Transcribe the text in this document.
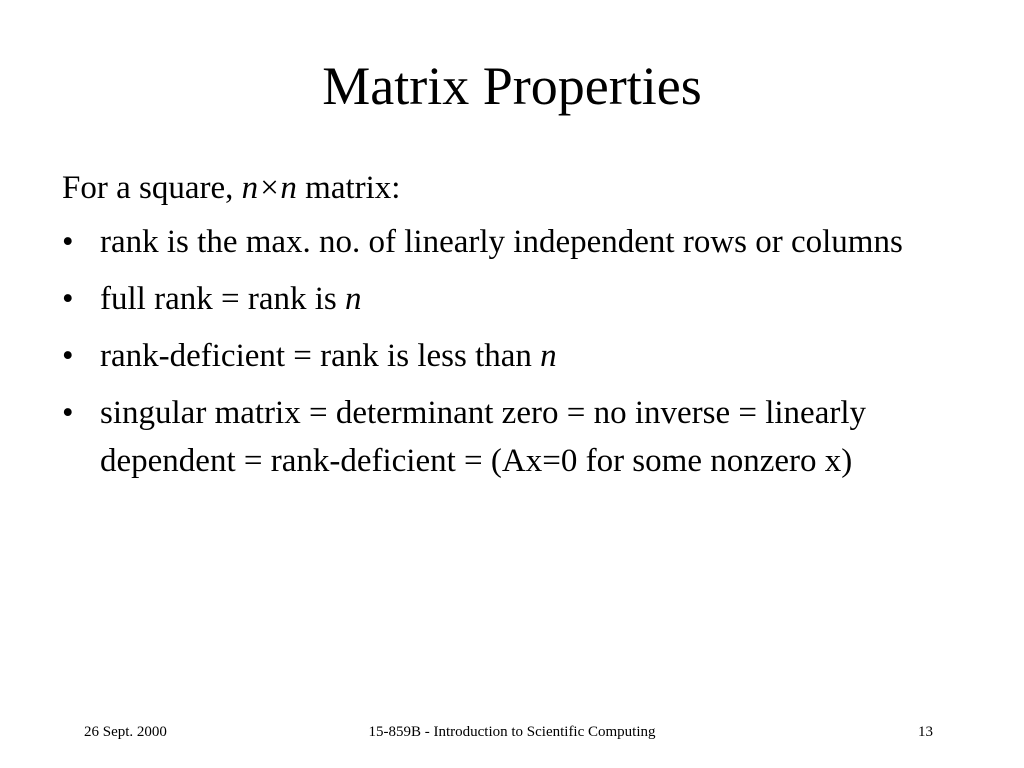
Matrix Properties

For a square, n×n matrix:

• rank is the max. no. of linearly independent rows or columns
• full rank = rank is n
• rank-deficient = rank is less than n
• singular matrix = determinant zero = no inverse = linearly dependent = rank-deficient = (Ax=0 for some nonzero x)
26 Sept. 2000	15-859B - Introduction to Scientific Computing	13
